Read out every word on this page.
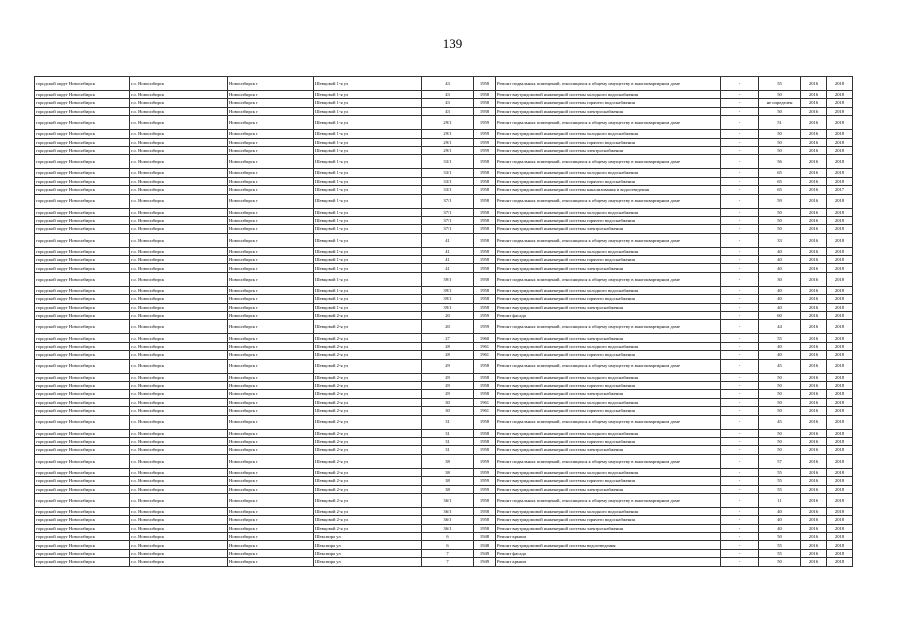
139
городской округ Новосибирск	г.о. Новосибирск	Новосибирск г	Шевцовой 1-я ул	43	1958	Ремонт подвальных помещений, относящихся к общему имуществу в многоквартирном доме	-	55	2016	2018
городской округ Новосибирск	г.о. Новосибирск	Новосибирск г	Шевцовой 1-я ул	43	1958	Ремонт внутридомовой инженерной системы холодного водоснабжения	-	50	2016	2018
городской округ Новосибирск	г.о. Новосибирск	Новосибирск г	Шевцовой 1-я ул	43	1958	Ремонт внутридомовой инженерной системы горячего водоснабжения	-	не определен	2016	2018
городской округ Новосибирск	г.о. Новосибирск	Новосибирск г	Шевцовой 1-я ул	43	1958	Ремонт внутридомовой инженерной системы электроснабжения	-	50	2016	2018
городской округ Новосибирск	г.о. Новосибирск	Новосибирск г	Шевцовой 1-я ул	29/1	1959	Ремонт подвальных помещений, относящихся к общему имуществу в многоквартирном доме	-	51	2016	2018
городской округ Новосибирск	г.о. Новосибирск	Новосибирск г	Шевцовой 1-я ул	29/1	1959	Ремонт внутридомовой инженерной системы холодного водоснабжения	-	50	2016	2018
городской округ Новосибирск	г.о. Новосибирск	Новосибирск г	Шевцовой 1-я ул	29/1	1959	Ремонт внутридомовой инженерной системы горячего водоснабжения	-	50	2016	2018
городской округ Новосибирск	г.о. Новосибирск	Новосибирск г	Шевцовой 1-я ул	29/1	1959	Ремонт внутридомовой инженерной системы электроснабжения	-	50	2016	2018
городской округ Новосибирск	г.о. Новосибирск	Новосибирск г	Шевцовой 1-я ул	33/1	1958	Ремонт подвальных помещений, относящихся к общему имуществу в многоквартирном доме	-	56	2016	2018
городской округ Новосибирск	г.о. Новосибирск	Новосибирск г	Шевцовой 1-я ул	33/1	1958	Ремонт внутридомовой инженерной системы холодного водоснабжения	-	65	2016	2018
городской округ Новосибирск	г.о. Новосибирск	Новосибирск г	Шевцовой 1-я ул	33/1	1958	Ремонт внутридомовой инженерной системы горячего водоснабжения	-	65	2016	2018
городской округ Новосибирск	г.о. Новосибирск	Новосибирск г	Шевцовой 1-я ул	33/1	1958	Ремонт внутридомовой инженерной системы канализования и водоотведения	-	65	2016	2017
городской округ Новосибирск	г.о. Новосибирск	Новосибирск г	Шевцовой 1-я ул	37/1	1958	Ремонт подвальных помещений, относящихся к общему имуществу в многоквартирном доме	-	59	2016	2018
городской округ Новосибирск	г.о. Новосибирск	Новосибирск г	Шевцовой 1-я ул	37/1	1958	Ремонт внутридомовой инженерной системы холодного водоснабжения	-	50	2016	2018
городской округ Новосибирск	г.о. Новосибирск	Новосибирск г	Шевцовой 1-я ул	37/1	1958	Ремонт внутридомовой инженерной системы горячего водоснабжения	-	50	2016	2018
городской округ Новосибирск	г.о. Новосибирск	Новосибирск г	Шевцовой 1-я ул	37/1	1958	Ремонт внутридомовой инженерной системы электроснабжения	-	50	2016	2018
городской округ Новосибирск	г.о. Новосибирск	Новосибирск г	Шевцовой 1-я ул	41	1958	Ремонт подвальных помещений, относящихся к общему имуществу в многоквартирном доме	-	33	2016	2018
городской округ Новосибирск	г.о. Новосибирск	Новосибирск г	Шевцовой 1-я ул	41	1958	Ремонт внутридомовой инженерной системы холодного водоснабжения	-	40	2016	2018
городской округ Новосибирск	г.о. Новосибирск	Новосибирск г	Шевцовой 1-я ул	41	1958	Ремонт внутридомовой инженерной системы горячего водоснабжения	-	40	2016	2018
городской округ Новосибирск	г.о. Новосибирск	Новосибирск г	Шевцовой 1-я ул	41	1958	Ремонт внутридомовой инженерной системы электроснабжения	-	40	2016	2018
городской округ Новосибирск	г.о. Новосибирск	Новосибирск г	Шевцовой 1-я ул	39/1	1958	Ремонт подвальных помещений, относящихся к общему имуществу в многоквартирном доме	-	30	2016	2018
городской округ Новосибирск	г.о. Новосибирск	Новосибирск г	Шевцовой 1-я ул	39/1	1958	Ремонт внутридомовой инженерной системы холодного водоснабжения	-	40	2016	2018
городской округ Новосибирск	г.о. Новосибирск	Новосибирск г	Шевцовой 1-я ул	39/1	1958	Ремонт внутридомовой инженерной системы горячего водоснабжения	-	40	2016	2018
городской округ Новосибирск	г.о. Новосибирск	Новосибирск г	Шевцовой 1-я ул	39/1	1958	Ремонт внутридомовой инженерной системы электроснабжения	-	40	2016	2018
городской округ Новосибирск	г.о. Новосибирск	Новосибирск г	Шевцовой 2-я ул	20	1959	Ремонт фасада	-	60	2016	2018
городской округ Новосибирск	г.о. Новосибирск	Новосибирск г	Шевцовой 2-я ул	20	1959	Ремонт подвальных помещений, относящихся к общему имуществу в многоквартирном доме	-	44	2016	2018
городской округ Новосибирск	г.о. Новосибирск	Новосибирск г	Шевцовой 2-я ул	27	1960	Ремонт внутридомовой инженерной системы электроснабжения	-	55	2016	2018
городской округ Новосибирск	г.о. Новосибирск	Новосибирск г	Шевцовой 2-я ул	28	1961	Ремонт внутридомовой инженерной системы холодного водоснабжения	-	40	2016	2018
городской округ Новосибирск	г.о. Новосибирск	Новосибирск г	Шевцовой 2-я ул	28	1961	Ремонт внутридомовой инженерной системы горячего водоснабжения	-	40	2016	2018
городской округ Новосибирск	г.о. Новосибирск	Новосибирск г	Шевцовой 2-я ул	29	1958	Ремонт подвальных помещений, относящихся к общему имуществу в многоквартирном доме	-	45	2016	2018
городской округ Новосибирск	г.о. Новосибирск	Новосибирск г	Шевцовой 2-я ул	29	1958	Ремонт внутридомовой инженерной системы холодного водоснабжения	-	50	2016	2018
городской округ Новосибирск	г.о. Новосибирск	Новосибирск г	Шевцовой 2-я ул	29	1958	Ремонт внутридомовой инженерной системы горячего водоснабжения	-	50	2016	2018
городской округ Новосибирск	г.о. Новосибирск	Новосибирск г	Шевцовой 2-я ул	29	1958	Ремонт внутридомовой инженерной системы электроснабжения	-	50	2016	2018
городской округ Новосибирск	г.о. Новосибирск	Новосибирск г	Шевцовой 2-я ул	30	1961	Ремонт внутридомовой инженерной системы холодного водоснабжения	-	50	2016	2018
городской округ Новосибирск	г.о. Новосибирск	Новосибирск г	Шевцовой 2-я ул	30	1961	Ремонт внутридомовой инженерной системы горячего водоснабжения	-	50	2016	2018
городской округ Новосибирск	г.о. Новосибирск	Новосибирск г	Шевцовой 2-я ул	31	1958	Ремонт подвальных помещений, относящихся к общему имуществу в многоквартирном доме	-	45	2016	2018
городской округ Новосибирск	г.о. Новосибирск	Новосибирск г	Шевцовой 2-я ул	31	1958	Ремонт внутридомовой инженерной системы холодного водоснабжения	-	50	2016	2018
городской округ Новосибирск	г.о. Новосибирск	Новосибирск г	Шевцовой 2-я ул	31	1958	Ремонт внутридомовой инженерной системы горячего водоснабжения	-	50	2016	2018
городской округ Новосибирск	г.о. Новосибирск	Новосибирск г	Шевцовой 2-я ул	31	1958	Ремонт внутридомовой инженерной системы электроснабжения	-	50	2016	2018
городской округ Новосибирск	г.о. Новосибирск	Новосибирск г	Шевцовой 2-я ул	38	1959	Ремонт подвальных помещений, относящихся к общему имуществу в многоквартирном доме	-	57	2016	2018
городской округ Новосибирск	г.о. Новосибирск	Новосибирск г	Шевцовой 2-я ул	38	1959	Ремонт внутридомовой инженерной системы холодного водоснабжения	-	55	2016	2018
городской округ Новосибирск	г.о. Новосибирск	Новосибирск г	Шевцовой 2-я ул	38	1959	Ремонт внутридомовой инженерной системы горячего водоснабжения	-	55	2016	2018
городской округ Новосибирск	г.о. Новосибирск	Новосибирск г	Шевцовой 2-я ул	38	1959	Ремонт внутридомовой инженерной системы электроснабжения	-	55	2016	2018
городской округ Новосибирск	г.о. Новосибирск	Новосибирск г	Шевцовой 2-я ул	36/1	1958	Ремонт подвальных помещений, относящихся к общему имуществу в многоквартирном доме	-	11	2016	2018
городской округ Новосибирск	г.о. Новосибирск	Новосибирск г	Шевцовой 2-я ул	36/1	1958	Ремонт внутридомовой инженерной системы холодного водоснабжения	-	40	2016	2018
городской округ Новосибирск	г.о. Новосибирск	Новосибирск г	Шевцовой 2-я ул	36/1	1958	Ремонт внутридомовой инженерной системы горячего водоснабжения	-	40	2016	2018
городской округ Новосибирск	г.о. Новосибирск	Новосибирск г	Шевцовой 2-я ул	36/1	1958	Ремонт внутридомовой инженерной системы электроснабжения	-	40	2016	2018
городской округ Новосибирск	г.о. Новосибирск	Новосибирск г	Шекспира ул	6	1948	Ремонт крыши	-	50	2016	2018
городской округ Новосибирск	г.о. Новосибирск	Новосибирск г	Шекспира ул	6	1948	Ремонт внутридомовой инженерной системы водоотведения	-	55	2016	2018
городской округ Новосибирск	г.о. Новосибирск	Новосибирск г	Шекспира ул	7	1949	Ремонт фасада	-	55	2016	2018
городской округ Новосибирск	г.о. Новосибирск	Новосибирск г	Шекспира ул	7	1949	Ремонт крыши	-	50	2016	2018
